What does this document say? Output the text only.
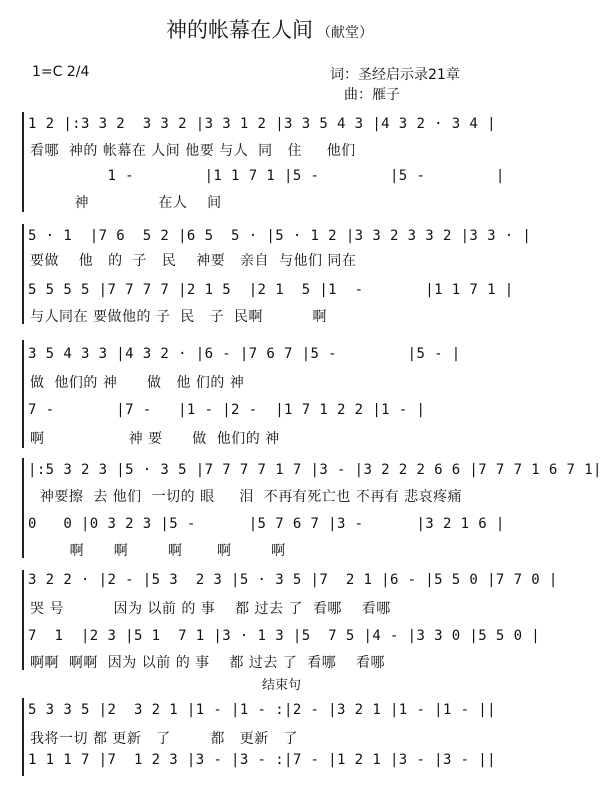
神的帐幕在人间 （献堂）
1=C 2/4	词：圣经启示录21章
曲：雁子
1 2 |:3 3 2  3 3 2 |3 3 1 2 |3 3 5 4 3 |4 3 2 · 3 4 |
看哪  神的 帐幕在 人间 他要 与人  同   住     他们
1 -        |1 1 7 1 |5 -        |5 -        |
神              在人    间
5 · 1  |7 6  5 2 |6 5  5 · |5 · 1 2 |3 3 2 3 3 2 |3 3 · |
要做    他   的  子   民    神要   亲自  与他们 同在
5 5 5 5 |7 7 7 7 |2 1 5  |2 1  5 |1  -       |1 1 7 1 |
与人同在 要做他的 子  民   子  民啊          啊
3 5 4 3 3 |4 3 2 · |6 - |7 6 7 |5 -        |5 - |
做  他们的 神      做   他 们的 神
7 -       |7 -   |1 - |2 -  |1 7 1 2 2 |1 - |
啊                 神 要      做  他们的 神
|:5 3 2 3 |5 · 3 5 |7 7 7 7 1 7 |3 - |3 2 2 2 6 6 |7 7 7 1 6 7 1|
神要擦  去 他们  一切的 眼     泪  不再有死亡也 不再有 悲哀疼痛
0   0 |0 3 2 3 |5 -      |5 7 6 7 |3 -      |3 2 1 6 |
啊      啊        啊       啊        啊
3 2 2 · |2 - |5 3  2 3 |5 · 3 5 |7  2 1 |6 - |5 5 0 |7 7 0 |
哭 号          因为 以前 的 事    都 过去 了  看哪    看哪
7  1  |2 3 |5 1  7 1 |3 · 1 3 |5  7 5 |4 - |3 3 0 |5 5 0 |
啊啊  啊啊  因为 以前 的 事    都 过去 了  看哪    看哪
结束句
5 3 3 5 |2  3 2 1 |1 - |1 - :|2 - |3 2 1 |1 - |1 - ||
我将一切 都 更新   了        都   更新   了
1 1 1 7 |7  1 2 3 |3 - |3 - :|7 - |1 2 1 |3 - |3 - ||
